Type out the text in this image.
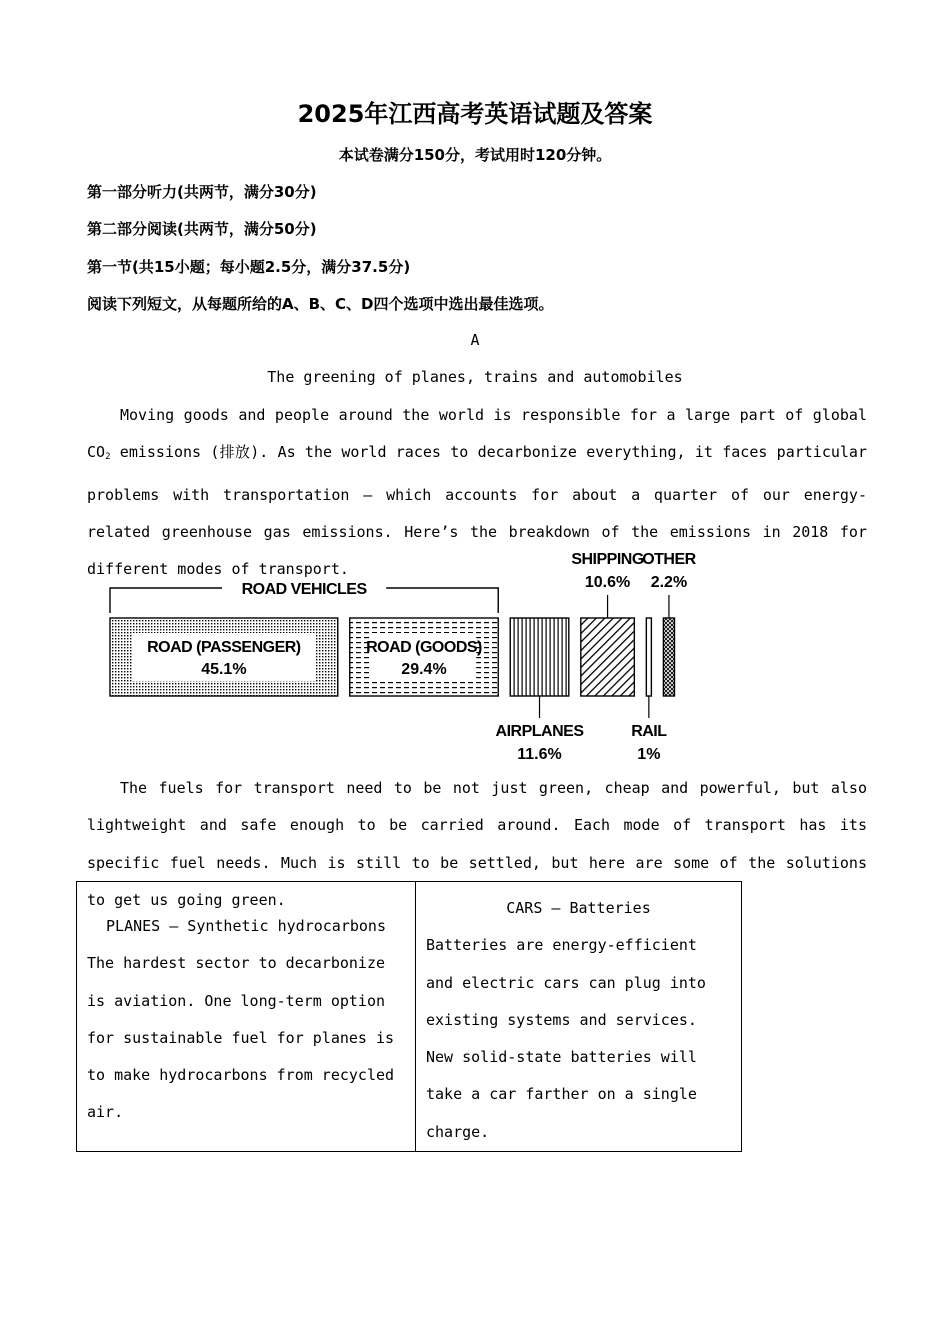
2025年江西高考英语试题及答案
本试卷满分150分，考试用时120分钟。
第一部分听力(共两节，满分30分)
第二部分阅读(共两节，满分50分)
第一节(共15小题；每小题2.5分，满分37.5分)
阅读下列短文，从每题所给的A、B、C、D四个选项中选出最佳选项。
A
The greening of planes, trains and automobiles
Moving goods and people around the world is responsible for a large part of global $CO_2$ emissions (排放). As the world races to decarbonize everything, it faces particular problems with transportation — which accounts for about a quarter of our energy-related greenhouse gas emissions. Here’s the breakdown of the emissions in 2018 for different modes of transport.
ROAD (PASSENGER)
45.1%
ROAD (GOODS)
29.4%
ROAD VEHICLES
SHIPPING
10.6%
OTHER
2.2%
AIRPLANES
11.6%
RAIL
1%
The fuels for transport need to be not just green, cheap and powerful, but also lightweight and safe enough to be carried around. Each mode of transport has its specific fuel needs. Much is still to be settled, but here are some of the solutions to get us going green.
PLANES — Synthetic hydrocarbons
The hardest sector to decarbonize is aviation. One long-term option for sustainable fuel for planes is to make hydrocarbons from recycled air.

CARS — Batteries
Batteries are energy-efficient and electric cars can plug into existing systems and services. New solid-state batteries will take a car farther on a single charge.
